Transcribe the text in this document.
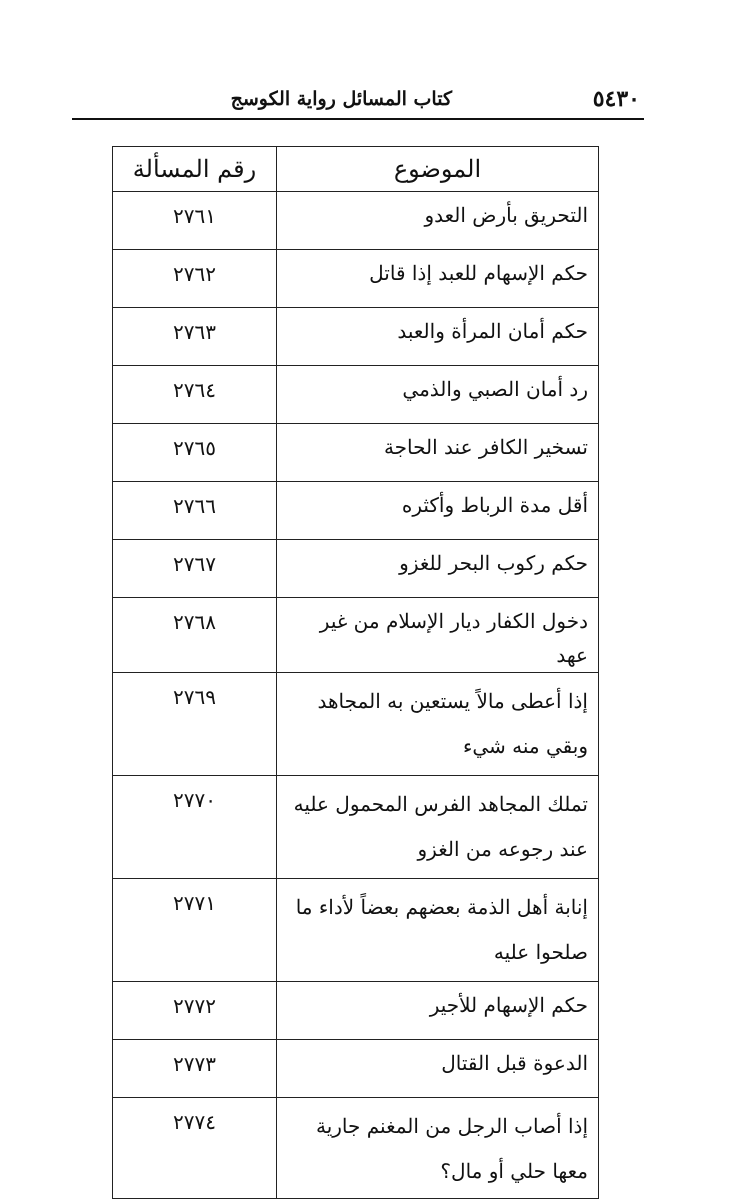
٥٤٣٠
كتاب المسائل رواية الكوسج
الموضوع	رقم المسألة
التحريق بأرض العدو	٢٧٦١
حكم الإسهام للعبد إذا قاتل	٢٧٦٢
حكم أمان المرأة والعبد	٢٧٦٣
رد أمان الصبي والذمي	٢٧٦٤
تسخير الكافر عند الحاجة	٢٧٦٥
أقل مدة الرباط وأكثره	٢٧٦٦
حكم ركوب البحر للغزو	٢٧٦٧
دخول الكفار ديار الإسلام من غير عهد	٢٧٦٨
إذا أعطى مالاً يستعين به المجاهد وبقي منه شيء	٢٧٦٩
تملك المجاهد الفرس المحمول عليه عند رجوعه من الغزو	٢٧٧٠
إنابة أهل الذمة بعضهم بعضاً لأداء ما صلحوا عليه	٢٧٧١
حكم الإسهام للأجير	٢٧٧٢
الدعوة قبل القتال	٢٧٧٣
إذا أصاب الرجل من المغنم جارية معها حلي أو مال؟	٢٧٧٤
